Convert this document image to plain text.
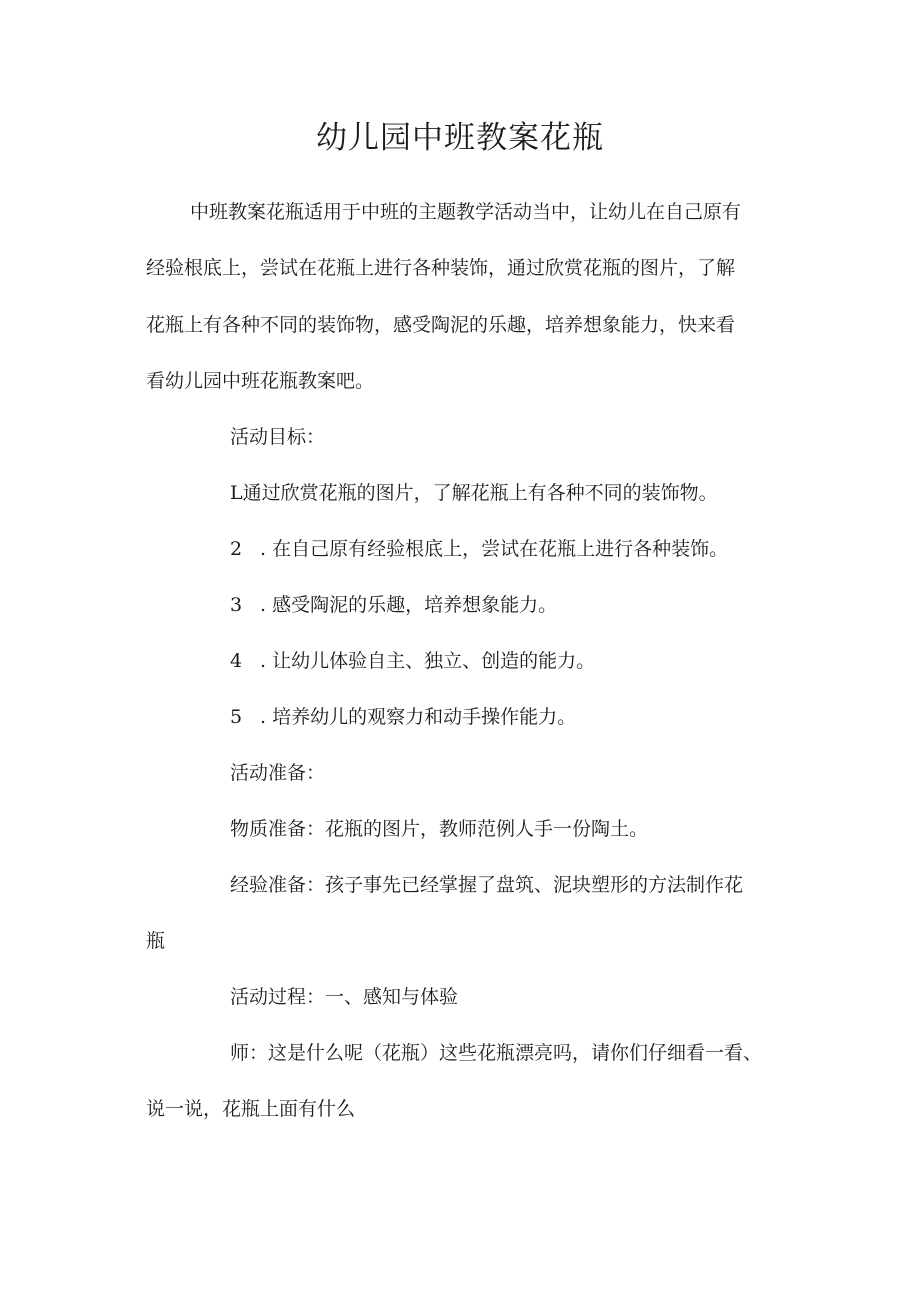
幼儿园中班教案花瓶

中班教案花瓶适用于中班的主题教学活动当中，让幼儿在自己原有

经验根底上，尝试在花瓶上进行各种装饰，通过欣赏花瓶的图片，了解

花瓶上有各种不同的装饰物，感受陶泥的乐趣，培养想象能力，快来看

看幼儿园中班花瓶教案吧。

活动目标：

L通过欣赏花瓶的图片，了解花瓶上有各种不同的装饰物。

2 . 在自己原有经验根底上，尝试在花瓶上进行各种装饰。

3 . 感受陶泥的乐趣，培养想象能力。

4 . 让幼儿体验自主、独立、创造的能力。

5 . 培养幼儿的观察力和动手操作能力。

活动准备：

物质准备：花瓶的图片，教师范例人手一份陶土。

经验准备：孩子事先已经掌握了盘筑、泥块塑形的方法制作花

瓶

活动过程：一、感知与体验

师：这是什么呢（花瓶）这些花瓶漂亮吗，请你们仔细看一看、

说一说，花瓶上面有什么
